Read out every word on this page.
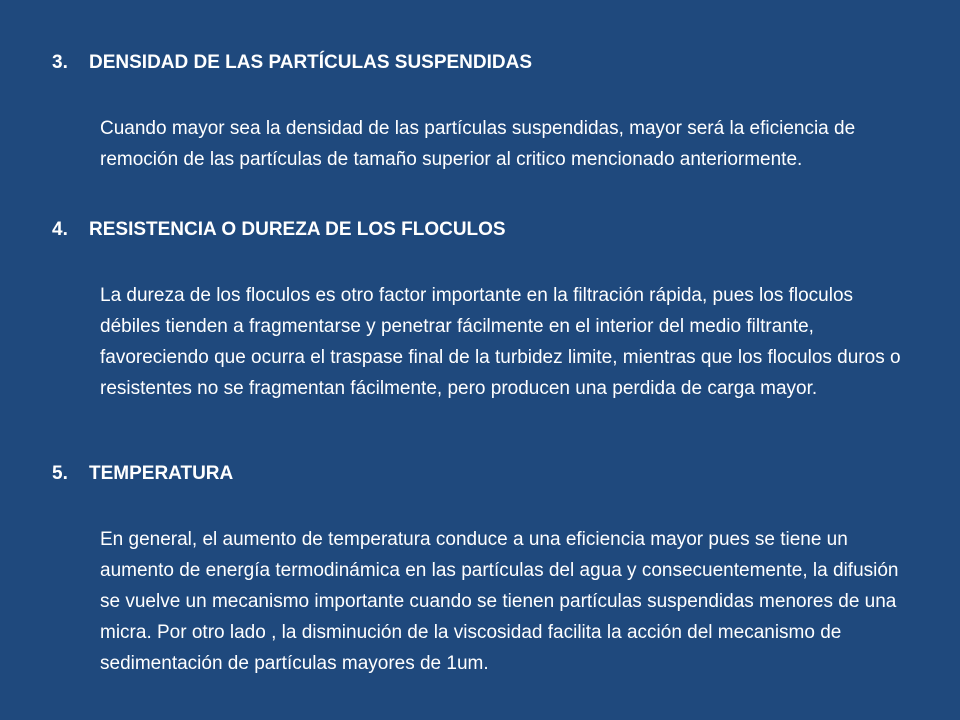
3.	DENSIDAD DE LAS PARTÍCULAS SUSPENDIDAS
Cuando mayor sea la densidad de las partículas suspendidas, mayor será la eficiencia de remoción de las partículas de tamaño superior al critico mencionado anteriormente.
4.	RESISTENCIA O DUREZA DE LOS FLOCULOS
La dureza de los floculos es otro factor importante en la filtración rápida, pues los floculos débiles tienden a fragmentarse y penetrar fácilmente en el interior del medio filtrante, favoreciendo que ocurra el traspase final de la turbidez limite, mientras que los floculos duros o resistentes no se fragmentan fácilmente, pero producen una perdida de carga mayor.
5.	TEMPERATURA
En general, el aumento de temperatura conduce a una eficiencia mayor pues se tiene un aumento de energía termodinámica en las partículas del agua y consecuentemente, la difusión se vuelve un mecanismo importante cuando se tienen partículas suspendidas menores de una micra. Por otro lado , la disminución de la viscosidad facilita la acción del mecanismo de sedimentación de partículas mayores de 1um.
